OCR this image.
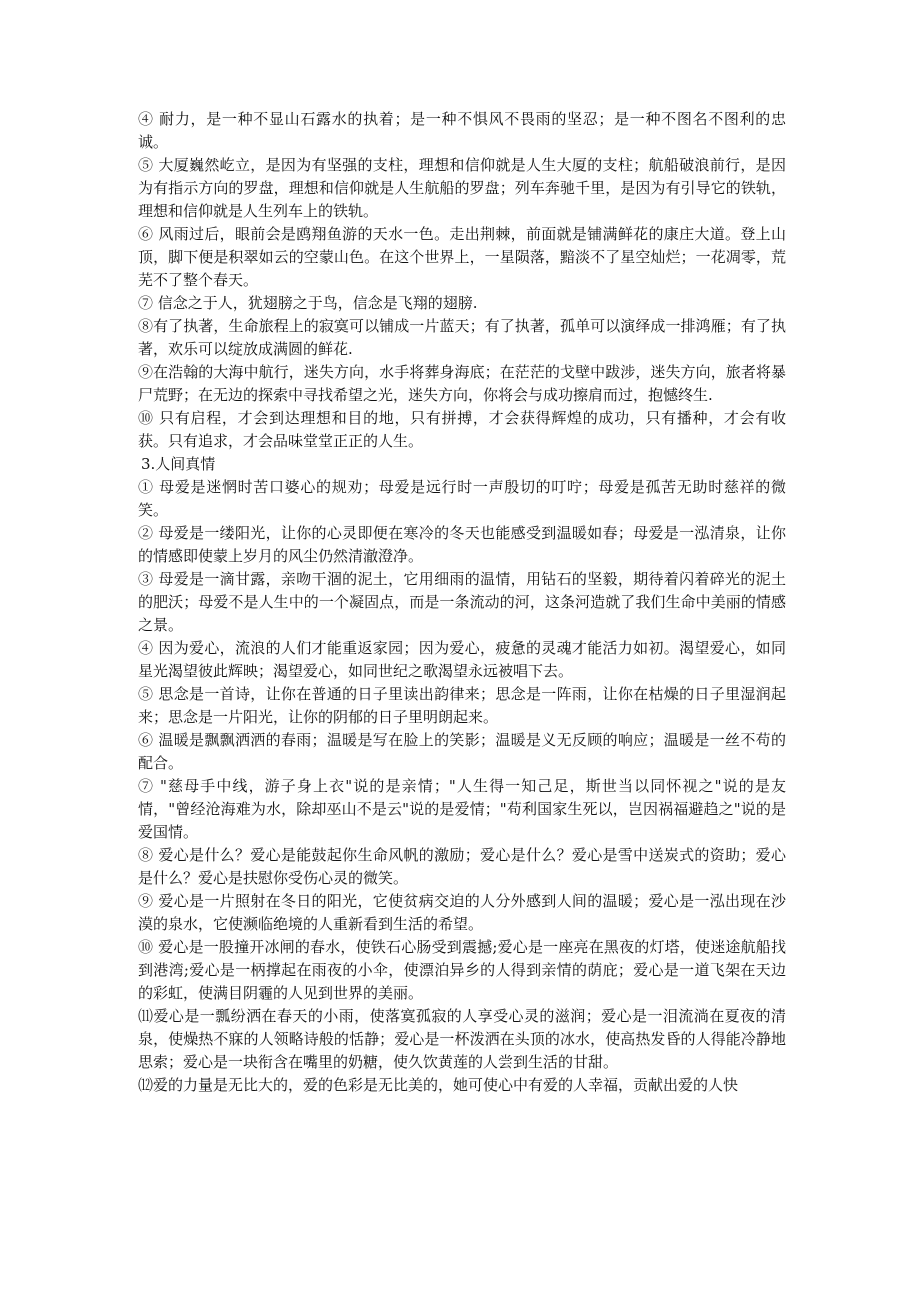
④ 耐力，是一种不显山石露水的执着；是一种不惧风不畏雨的坚忍；是一种不图名不图利的忠诚。

⑤ 大厦巍然屹立，是因为有坚强的支柱，理想和信仰就是人生大厦的支柱；航船破浪前行，是因为有指示方向的罗盘，理想和信仰就是人生航船的罗盘；列车奔驰千里，是因为有引导它的铁轨，理想和信仰就是人生列车上的铁轨。

⑥ 风雨过后，眼前会是鸥翔鱼游的天水一色。走出荆棘，前面就是铺满鲜花的康庄大道。登上山顶，脚下便是积翠如云的空蒙山色。在这个世界上，一星陨落，黯淡不了星空灿烂；一花凋零，荒芜不了整个春天。

⑦ 信念之于人，犹翅膀之于鸟，信念是飞翔的翅膀.

⑧有了执著，生命旅程上的寂寞可以铺成一片蓝天；有了执著，孤单可以演绎成一排鸿雁；有了执著，欢乐可以绽放成满圆的鲜花.

⑨在浩翰的大海中航行，迷失方向，水手将葬身海底；在茫茫的戈壁中跋涉，迷失方向，旅者将暴尸荒野；在无边的探索中寻找希望之光，迷失方向，你将会与成功擦肩而过，抱憾终生.

⑩ 只有启程，才会到达理想和目的地，只有拼搏，才会获得辉煌的成功，只有播种，才会有收获。只有追求，才会品味堂堂正正的人生。

3.人间真情

① 母爱是迷惘时苦口婆心的规劝；母爱是远行时一声殷切的叮咛；母爱是孤苦无助时慈祥的微笑。

② 母爱是一缕阳光，让你的心灵即便在寒冷的冬天也能感受到温暖如春；母爱是一泓清泉，让你的情感即使蒙上岁月的风尘仍然清澈澄净。

③ 母爱是一滴甘露，亲吻干涸的泥土，它用细雨的温情，用钻石的坚毅，期待着闪着碎光的泥土的肥沃；母爱不是人生中的一个凝固点，而是一条流动的河，这条河造就了我们生命中美丽的情感之景。

④ 因为爱心，流浪的人们才能重返家园；因为爱心，疲惫的灵魂才能活力如初。渴望爱心，如同星光渴望彼此辉映；渴望爱心，如同世纪之歌渴望永远被唱下去。

⑤ 思念是一首诗，让你在普通的日子里读出韵律来；思念是一阵雨，让你在枯燥的日子里湿润起来；思念是一片阳光，让你的阴郁的日子里明朗起来。

⑥ 温暖是飘飘洒洒的春雨；温暖是写在脸上的笑影；温暖是义无反顾的响应；温暖是一丝不苟的配合。

⑦ "慈母手中线，游子身上衣"说的是亲情；"人生得一知己足，斯世当以同怀视之"说的是友情，"曾经沧海难为水，除却巫山不是云"说的是爱情；"苟利国家生死以，岂因祸福避趋之"说的是爱国情。

⑧ 爱心是什么？爱心是能鼓起你生命风帆的激励；爱心是什么？爱心是雪中送炭式的资助；爱心是什么？爱心是扶慰你受伤心灵的微笑。

⑨ 爱心是一片照射在冬日的阳光，它使贫病交迫的人分外感到人间的温暖；爱心是一泓出现在沙漠的泉水，它使濒临绝境的人重新看到生活的希望。

⑩ 爱心是一股撞开冰闸的春水，使铁石心肠受到震撼;爱心是一座亮在黑夜的灯塔，使迷途航船找到港湾;爱心是一柄撑起在雨夜的小伞，使漂泊异乡的人得到亲情的荫庇；爱心是一道飞架在天边的彩虹，使满目阴霾的人见到世界的美丽。

⑾爱心是一瓢纷洒在春天的小雨，使落寞孤寂的人享受心灵的滋润；爱心是一泪流淌在夏夜的清泉，使燥热不寐的人领略诗般的恬静；爱心是一杯泼洒在头顶的冰水，使高热发昏的人得能冷静地思索；爱心是一块衔含在嘴里的奶糖，使久饮黄莲的人尝到生活的甘甜。

⑿爱的力量是无比大的，爱的色彩是无比美的，她可使心中有爱的人幸福，贡献出爱的人快
